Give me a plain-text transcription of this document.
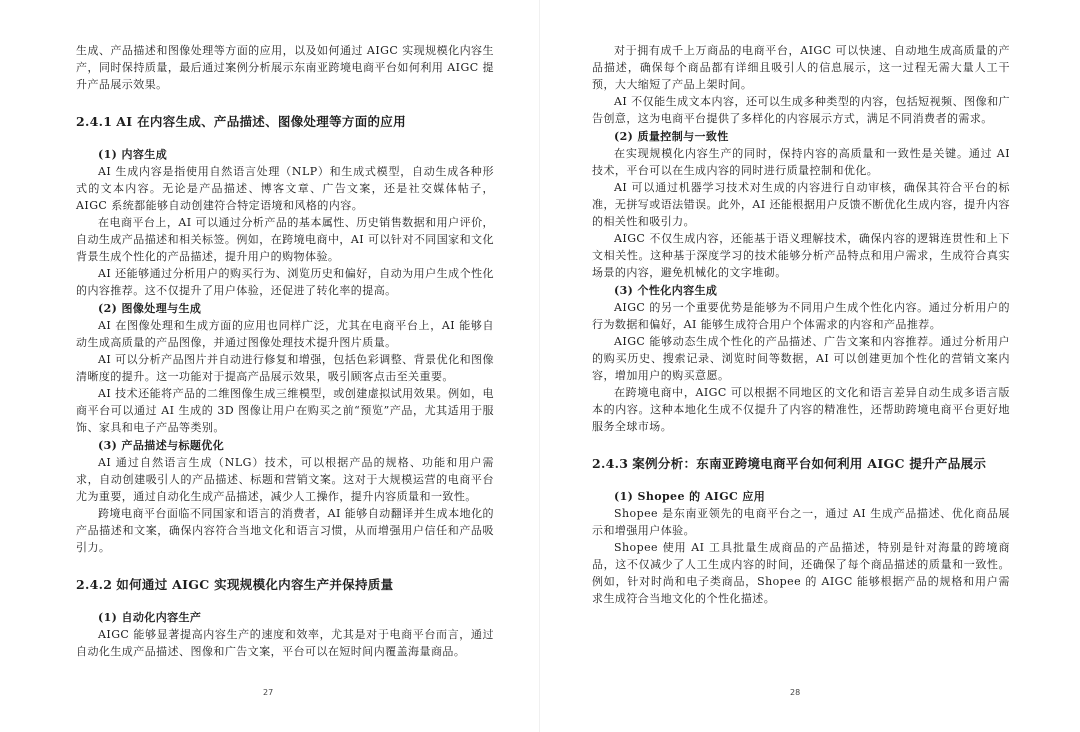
生成、产品描述和图像处理等方面的应用，以及如何通过 AIGC 实现规模化内容生产，同时保持质量，最后通过案例分析展示东南亚跨境电商平台如何利用 AIGC 提升产品展示效果。

2.4.1 AI 在内容生成、产品描述、图像处理等方面的应用
(1) 内容生成

AI 生成内容是指使用自然语言处理（NLP）和生成式模型，自动生成各种形式的文本内容。无论是产品描述、博客文章、广告文案，还是社交媒体帖子，AIGC 系统都能够自动创建符合特定语境和风格的内容。

在电商平台上，AI 可以通过分析产品的基本属性、历史销售数据和用户评价，自动生成产品描述和相关标签。例如，在跨境电商中，AI 可以针对不同国家和文化背景生成个性化的产品描述，提升用户的购物体验。

AI 还能够通过分析用户的购买行为、浏览历史和偏好，自动为用户生成个性化的内容推荐。这不仅提升了用户体验，还促进了转化率的提高。

(2) 图像处理与生成

AI 在图像处理和生成方面的应用也同样广泛，尤其在电商平台上，AI 能够自动生成高质量的产品图像，并通过图像处理技术提升图片质量。

AI 可以分析产品图片并自动进行修复和增强，包括色彩调整、背景优化和图像清晰度的提升。这一功能对于提高产品展示效果，吸引顾客点击至关重要。

AI 技术还能将产品的二维图像生成三维模型，或创建虚拟试用效果。例如，电商平台可以通过 AI 生成的 3D 图像让用户在购买之前“预览”产品，尤其适用于服饰、家具和电子产品等类别。

(3) 产品描述与标题优化

AI 通过自然语言生成（NLG）技术，可以根据产品的规格、功能和用户需求，自动创建吸引人的产品描述、标题和营销文案。这对于大规模运营的电商平台尤为重要，通过自动化生成产品描述，减少人工操作，提升内容质量和一致性。

跨境电商平台面临不同国家和语言的消费者，AI 能够自动翻译并生成本地化的产品描述和文案，确保内容符合当地文化和语言习惯，从而增强用户信任和产品吸引力。

2.4.2 如何通过 AIGC 实现规模化内容生产并保持质量
(1) 自动化内容生产

AIGC 能够显著提高内容生产的速度和效率，尤其是对于电商平台而言，通过自动化生成产品描述、图像和广告文案，平台可以在短时间内覆盖海量商品。

27

对于拥有成千上万商品的电商平台，AIGC 可以快速、自动地生成高质量的产品描述，确保每个商品都有详细且吸引人的信息展示，这一过程无需大量人工干预，大大缩短了产品上架时间。

AI 不仅能生成文本内容，还可以生成多种类型的内容，包括短视频、图像和广告创意，这为电商平台提供了多样化的内容展示方式，满足不同消费者的需求。

(2) 质量控制与一致性

在实现规模化内容生产的同时，保持内容的高质量和一致性是关键。通过 AI 技术，平台可以在生成内容的同时进行质量控制和优化。

AI 可以通过机器学习技术对生成的内容进行自动审核，确保其符合平台的标准，无拼写或语法错误。此外，AI 还能根据用户反馈不断优化生成内容，提升内容的相关性和吸引力。

AIGC 不仅生成内容，还能基于语义理解技术，确保内容的逻辑连贯性和上下文相关性。这种基于深度学习的技术能够分析产品特点和用户需求，生成符合真实场景的内容，避免机械化的文字堆砌。

(3) 个性化内容生成

AIGC 的另一个重要优势是能够为不同用户生成个性化内容。通过分析用户的行为数据和偏好，AI 能够生成符合用户个体需求的内容和产品推荐。

AIGC 能够动态生成个性化的产品描述、广告文案和内容推荐。通过分析用户的购买历史、搜索记录、浏览时间等数据，AI 可以创建更加个性化的营销文案内容，增加用户的购买意愿。

在跨境电商中，AIGC 可以根据不同地区的文化和语言差异自动生成多语言版本的内容。这种本地化生成不仅提升了内容的精准性，还帮助跨境电商平台更好地服务全球市场。

2.4.3 案例分析：东南亚跨境电商平台如何利用 AIGC 提升产品展示
(1) Shopee 的 AIGC 应用

Shopee 是东南亚领先的电商平台之一，通过 AI 生成产品描述、优化商品展示和增强用户体验。

Shopee 使用 AI 工具批量生成商品的产品描述，特别是针对海量的跨境商品，这不仅减少了人工生成内容的时间，还确保了每个商品描述的质量和一致性。例如，针对时尚和电子类商品，Shopee 的 AIGC 能够根据产品的规格和用户需求生成符合当地文化的个性化描述。

28
